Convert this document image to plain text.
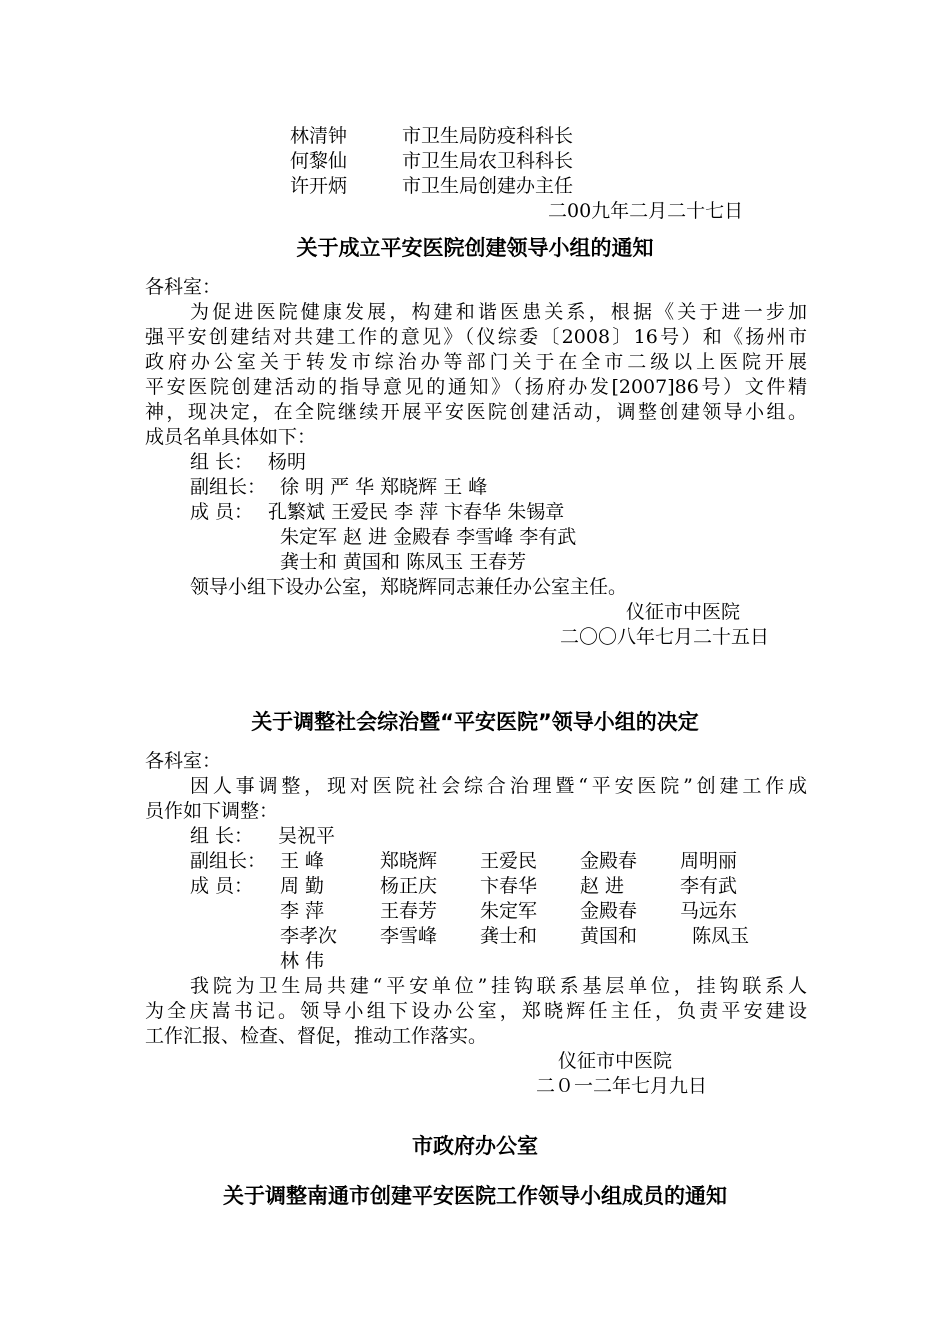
林清钟	市卫生局防疫科科长
何黎仙	市卫生局农卫科科长
许开炳	市卫生局创建办主任
二00九年二月二十七日
关于成立平安医院创建领导小组的通知
各科室：
为促进医院健康发展，构建和谐医患关系，根据《关于进一步加
强平安创建结对共建工作的意见》（仪综委〔2008〕16号）和《扬州市
政府办公室关于转发市综治办等部门关于在全市二级以上医院开展
平安医院创建活动的指导意见的通知》（扬府办发[2007]86号）文件精
神，现决定，在全院继续开展平安医院创建活动，调整创建领导小组。
成员名单具体如下：
组 长： 杨明
副组长： 徐 明 严 华 郑晓辉 王 峰
成 员： 孔繁斌 王爱民 李 萍 卞春华 朱锡章
朱定军 赵 进 金殿春 李雪峰 李有武
龚士和 黄国和 陈凤玉 王春芳
领导小组下设办公室，郑晓辉同志兼任办公室主任。
仪征市中医院
二〇〇八年七月二十五日
关于调整社会综治暨“平安医院”领导小组的决定
各科室：
因人事调整，现对医院社会综合治理暨“平安医院”创建工作成
员作如下调整：
组 长： 吴祝平
副组长： 王 峰	郑晓辉 王爱民 金殿春 周明丽
成 员： 周 勤	杨正庆 卞春华 赵 进	李有武
李 萍	王春芳 朱定军 金殿春 马远东
李孝次 李雪峰 龚士和 黄国和 陈凤玉
林 伟
我院为卫生局共建“平安单位”挂钩联系基层单位，挂钩联系人
为全庆嵩书记。领导小组下设办公室，郑晓辉任主任，负责平安建设
工作汇报、检查、督促，推动工作落实。
仪征市中医院
二０一二年七月九日
市政府办公室
关于调整南通市创建平安医院工作领导小组成员的通知
